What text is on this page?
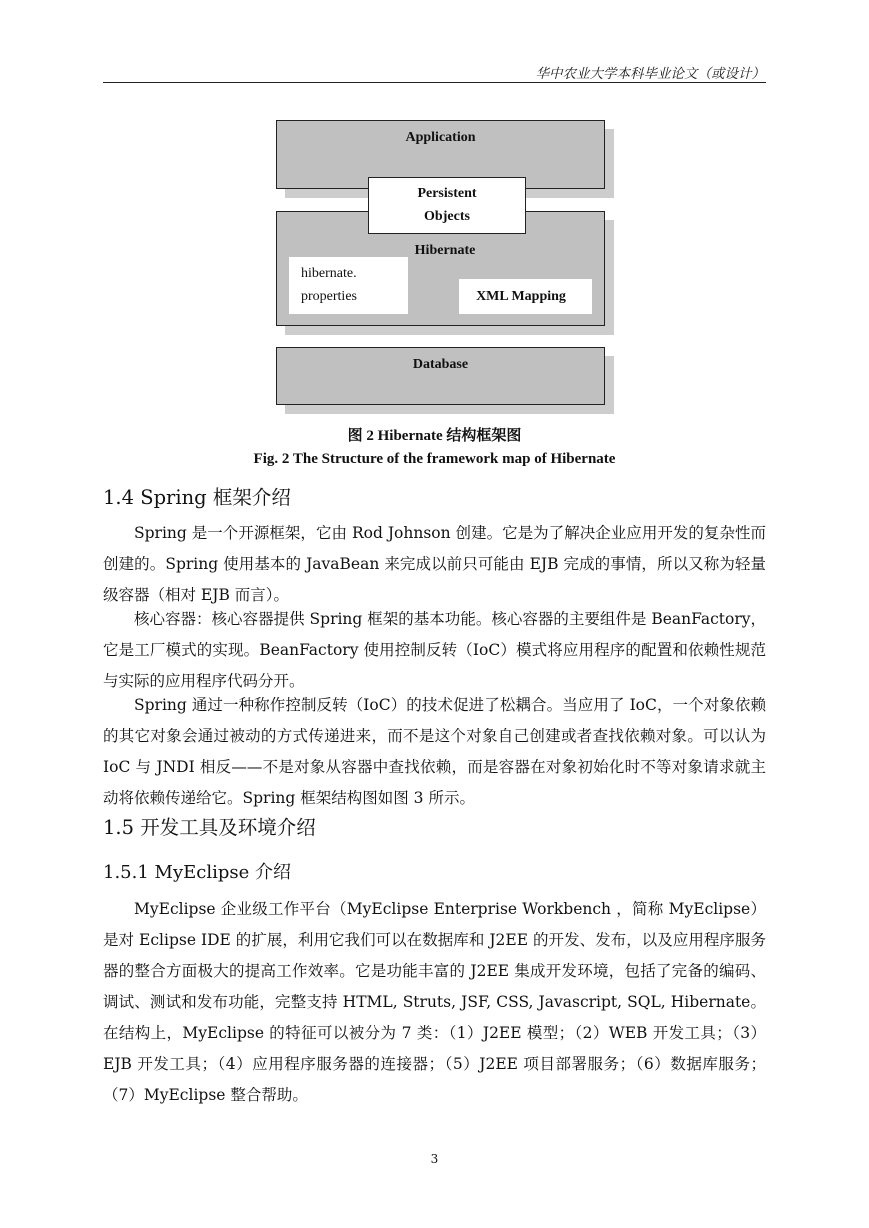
华中农业大学本科毕业论文（或设计）
Application
Hibernate
Persistent
Objects
hibernate.
properties	XML Mapping
Database
图 2 Hibernate 结构框架图
Fig. 2 The Structure of the framework map of Hibernate
1.4 Spring 框架介绍
Spring 是一个开源框架，它由 Rod Johnson 创建。它是为了解决企业应用开发的复杂性而创建的。Spring 使用基本的 JavaBean 来完成以前只可能由 EJB 完成的事情，所以又称为轻量级容器（相对 EJB 而言）。
核心容器：核心容器提供 Spring 框架的基本功能。核心容器的主要组件是 BeanFactory，它是工厂模式的实现。BeanFactory 使用控制反转（IoC）模式将应用程序的配置和依赖性规范与实际的应用程序代码分开。
Spring 通过一种称作控制反转（IoC）的技术促进了松耦合。当应用了 IoC，一个对象依赖的其它对象会通过被动的方式传递进来，而不是这个对象自己创建或者查找依赖对象。可以认为 IoC 与 JNDI 相反——不是对象从容器中查找依赖，而是容器在对象初始化时不等对象请求就主动将依赖传递给它。Spring 框架结构图如图 3 所示。
1.5 开发工具及环境介绍
1.5.1 MyEclipse 介绍
MyEclipse 企业级工作平台（MyEclipse Enterprise Workbench ，简称 MyEclipse）是对 Eclipse IDE 的扩展，利用它我们可以在数据库和 J2EE 的开发、发布，以及应用程序服务器的整合方面极大的提高工作效率。它是功能丰富的 J2EE 集成开发环境，包括了完备的编码、调试、测试和发布功能，完整支持 HTML, Struts, JSF, CSS, Javascript, SQL, Hibernate。在结构上，MyEclipse 的特征可以被分为 7 类：（1）J2EE 模型；（2）WEB 开发工具；（3）EJB 开发工具；（4）应用程序服务器的连接器；（5）J2EE 项目部署服务；（6）数据库服务；（7）MyEclipse 整合帮助。
3
